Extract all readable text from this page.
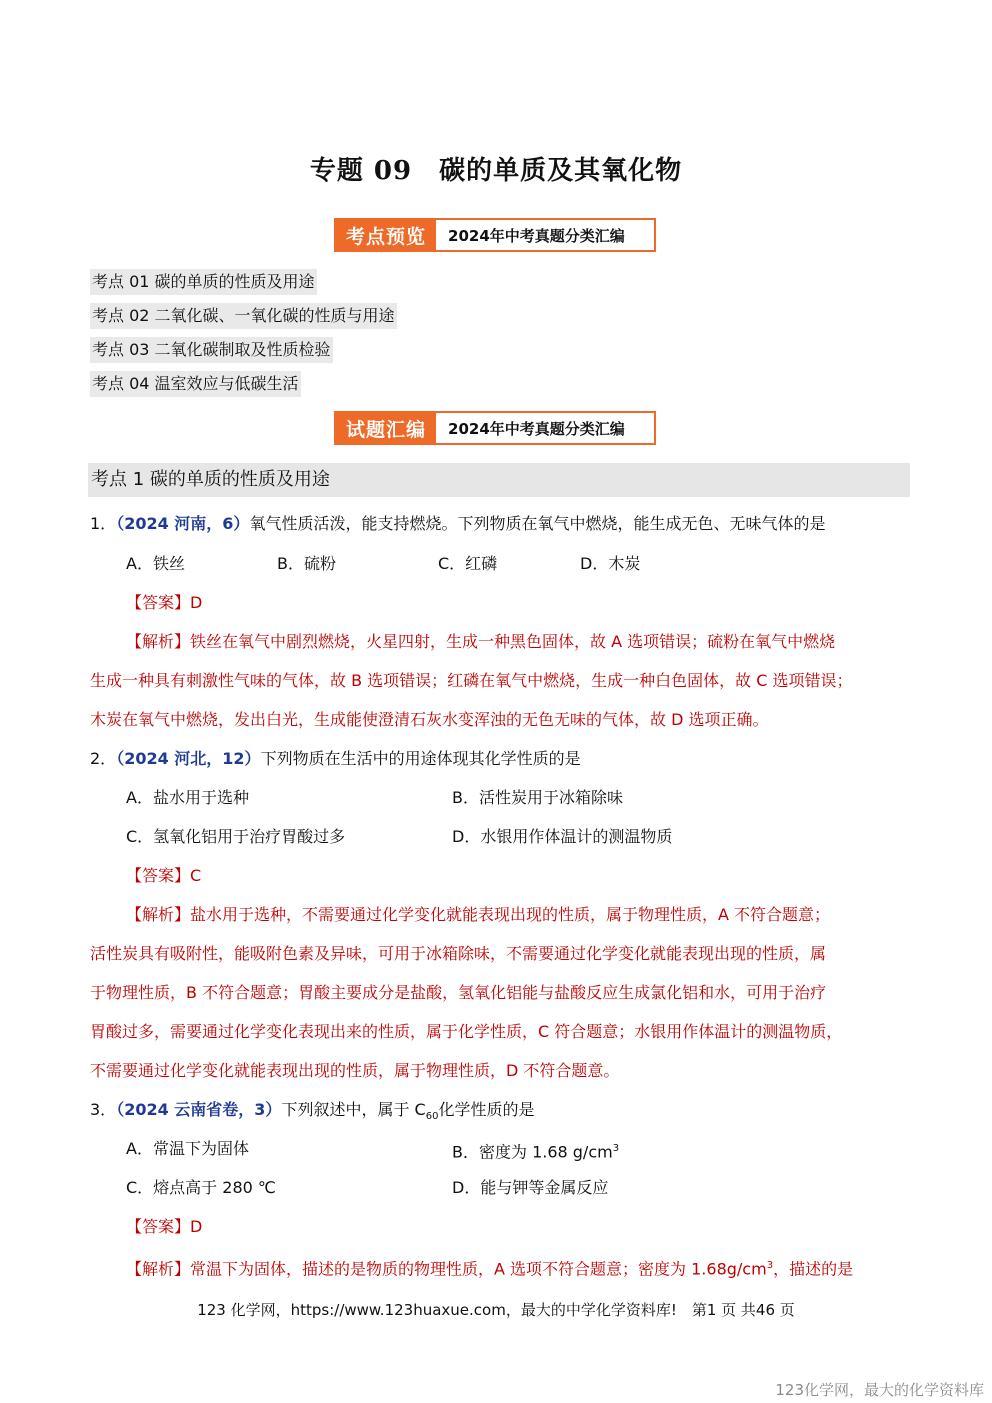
专题 09　碳的单质及其氧化物
考点预览	2024年中考真题分类汇编
考点 01 碳的单质的性质及用途
考点 02 二氧化碳、一氧化碳的性质与用途
考点 03 二氧化碳制取及性质检验
考点 04 温室效应与低碳生活
试题汇编	2024年中考真题分类汇编
考点 1 碳的单质的性质及用途
1．（2024 河南，6）氧气性质活泼，能支持燃烧。下列物质在氧气中燃烧，能生成无色、无味气体的是
A．铁丝	B．硫粉	C．红磷	D．木炭
【答案】D
【解析】铁丝在氧气中剧烈燃烧，火星四射，生成一种黑色固体，故 A 选项错误；硫粉在氧气中燃烧
生成一种具有刺激性气味的气体，故 B 选项错误；红磷在氧气中燃烧，生成一种白色固体，故 C 选项错误；
木炭在氧气中燃烧，发出白光，生成能使澄清石灰水变浑浊的无色无味的气体，故 D 选项正确。
2．（2024 河北，12）下列物质在生活中的用途体现其化学性质的是
A．盐水用于选种	B．活性炭用于冰箱除味
C．氢氧化铝用于治疗胃酸过多	D．水银用作体温计的测温物质
【答案】C
【解析】盐水用于选种，不需要通过化学变化就能表现出现的性质，属于物理性质，A 不符合题意；
活性炭具有吸附性，能吸附色素及异味，可用于冰箱除味，不需要通过化学变化就能表现出现的性质，属
于物理性质，B 不符合题意；胃酸主要成分是盐酸，氢氧化铝能与盐酸反应生成氯化铝和水，可用于治疗
胃酸过多，需要通过化学变化表现出来的性质，属于化学性质，C 符合题意；水银用作体温计的测温物质，
不需要通过化学变化就能表现出现的性质，属于物理性质，D 不符合题意。
3．（2024 云南省卷，3）下列叙述中，属于 $C_{60}$化学性质的是
A．常温下为固体	B．密度为 1.68 $g/cm^3$
C．熔点高于 280 ℃	D．能与钾等金属反应
【答案】D
【解析】常温下为固体，描述的是物质的物理性质，A 选项不符合题意；密度为 $1.68g/cm^3$，描述的是
123 化学网，https://www.123huaxue.com，最大的中学化学资料库!　第1 页 共46 页
123化学网，最大的化学资料库
